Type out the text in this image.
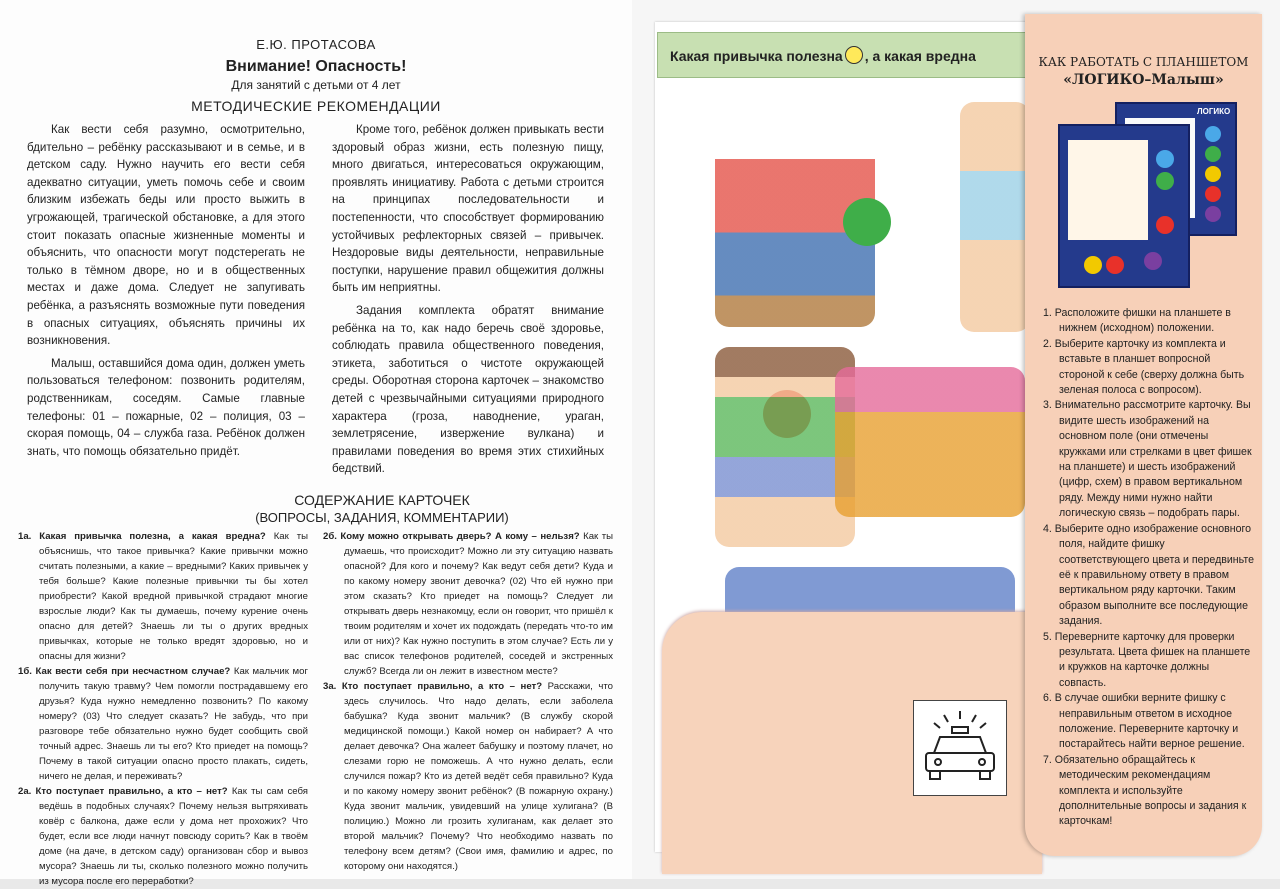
Е.Ю. ПРОТАСОВА
Внимание! Опасность!
Для занятий с детьми от 4 лет
МЕТОДИЧЕСКИЕ РЕКОМЕНДАЦИИ

Как вести себя разумно, осмотрительно, бдительно – ребёнку рассказывают и в семье, и в детском саду. Нужно научить его вести себя адекватно ситуации, уметь помочь себе и своим близким избежать беды или просто выжить в угрожающей, трагической обстановке, а для этого стоит показать опасные жизненные моменты и объяснить, что опасности могут подстерегать не только в тёмном дворе, но и в общественных местах и даже дома. Следует не запугивать ребёнка, а разъяснять возможные пути поведения в опасных ситуациях, объяснять причины их возникновения.

Малыш, оставшийся дома один, должен уметь пользоваться телефоном: позвонить родителям, родственникам, соседям. Самые главные телефоны: 01 – пожарные, 02 – полиция, 03 – скорая помощь, 04 – служба газа. Ребёнок должен знать, что помощь обязательно придёт.

Кроме того, ребёнок должен привыкать вести здоровый образ жизни, есть полезную пищу, много двигаться, интересоваться окружающим, проявлять инициативу. Работа с детьми строится на принципах последовательности и постепенности, что способствует формированию устойчивых рефлекторных связей – привычек. Нездоровые виды деятельности, неправильные поступки, нарушение правил общежития должны быть им неприятны.

Задания комплекта обратят внимание ребёнка на то, как надо беречь своё здоровье, соблюдать правила общественного поведения, этикета, заботиться о чистоте окружающей среды. Оборотная сторона карточек – знакомство детей с чрезвычайными ситуациями природного характера (гроза, наводнение, ураган, землетрясение, извержение вулкана) и правилами поведения во время этих стихийных бедствий.

СОДЕРЖАНИЕ КАРТОЧЕК
(ВОПРОСЫ, ЗАДАНИЯ, КОММЕНТАРИИ)

1а. Какая привычка полезна, а какая вредна? Как ты объяснишь, что такое привычка? Какие привычки можно считать полезными, а какие – вредными? Каких привычек у тебя больше? Какие полезные привычки ты бы хотел приобрести? Какой вредной привычкой страдают многие взрослые люди? Как ты думаешь, почему курение очень опасно для детей? Знаешь ли ты о других вредных привычках, которые не только вредят здоровью, но и опасны для жизни?

1б. Как вести себя при несчастном случае? Как мальчик мог получить такую травму? Чем помогли пострадавшему его друзья? Куда нужно немедленно позвонить? По какому номеру? (03) Что следует сказать? Не забудь, что при разговоре тебе обязательно нужно будет сообщить свой точный адрес. Знаешь ли ты его? Кто приедет на помощь? Почему в такой ситуации опасно просто плакать, сидеть, ничего не делая, и переживать?

2а. Кто поступает правильно, а кто – нет? Как ты сам себя ведёшь в подобных случаях? Почему нельзя вытряхивать ковёр с балкона, даже если у дома нет прохожих? Что будет, если все люди начнут повсюду сорить? Как в твоём доме (на даче, в детском саду) организован сбор и вывоз мусора? Знаешь ли ты, сколько полезного можно получить из мусора после его переработки?

2б. Кому можно открывать дверь? А кому – нельзя? Как ты думаешь, что происходит? Можно ли эту ситуацию назвать опасной? Для кого и почему? Как ведут себя дети? Куда и по какому номеру звонит девочка? (02) Что ей нужно при этом сказать? Кто приедет на помощь? Следует ли открывать дверь незнакомцу, если он говорит, что пришёл к твоим родителям и хочет их подождать (передать что-то им или от них)? Как нужно поступить в этом случае? Есть ли у вас список телефонов родителей, соседей и экстренных служб? Всегда ли он лежит в известном месте?

3а. Кто поступает правильно, а кто – нет? Расскажи, что здесь случилось. Что надо делать, если заболела бабушка? Куда звонит мальчик? (В службу скорой медицинской помощи.) Какой номер он набирает? А что делает девочка? Она жалеет бабушку и поэтому плачет, но слезами горю не поможешь. А что нужно делать, если случился пожар? Кто из детей ведёт себя правильно? Куда и по какому номеру звонит ребёнок? (В пожарную охрану.) Куда звонит мальчик, увидевший на улице хулигана? (В полицию.) Можно ли грозить хулиганам, как делает это второй мальчик? Почему? Что необходимо назвать по телефону всем детям? (Свои имя, фамилию и адрес, по которому они находятся.)

Какая привычка полезна , а какая вредна	КАК РАБОТАТЬ С ПЛАНШЕТОМ
«ЛОГИКО–Малыш»
ЛОГИКО
1. Расположите фишки на планшете в нижнем (исходном) положении.
2. Выберите карточку из комплекта и вставьте в планшет вопросной стороной к себе (сверху должна быть зеленая полоса с вопросом).
3. Внимательно рассмотрите карточку. Вы видите шесть изображений на основном поле (они отмечены кружками или стрелками в цвет фишек на планшете) и шесть изображений (цифр, схем) в правом вертикальном ряду. Между ними нужно найти логическую связь – подобрать пары.
4. Выберите одно изображение основного поля, найдите фишку соответствующего цвета и передвиньте её к правильному ответу в правом вертикальном ряду карточки. Таким образом выполните все последующие задания.
5. Переверните карточку для проверки результата. Цвета фишек на планшете и кружков на карточке должны совпасть.
6. В случае ошибки верните фишку с неправильным ответом в исходное положение. Переверните карточку и постарайтесь найти верное решение.
7. Обязательно обращайтесь к методическим рекомендациям комплекта и используйте дополнительные вопросы и задания к карточкам!
